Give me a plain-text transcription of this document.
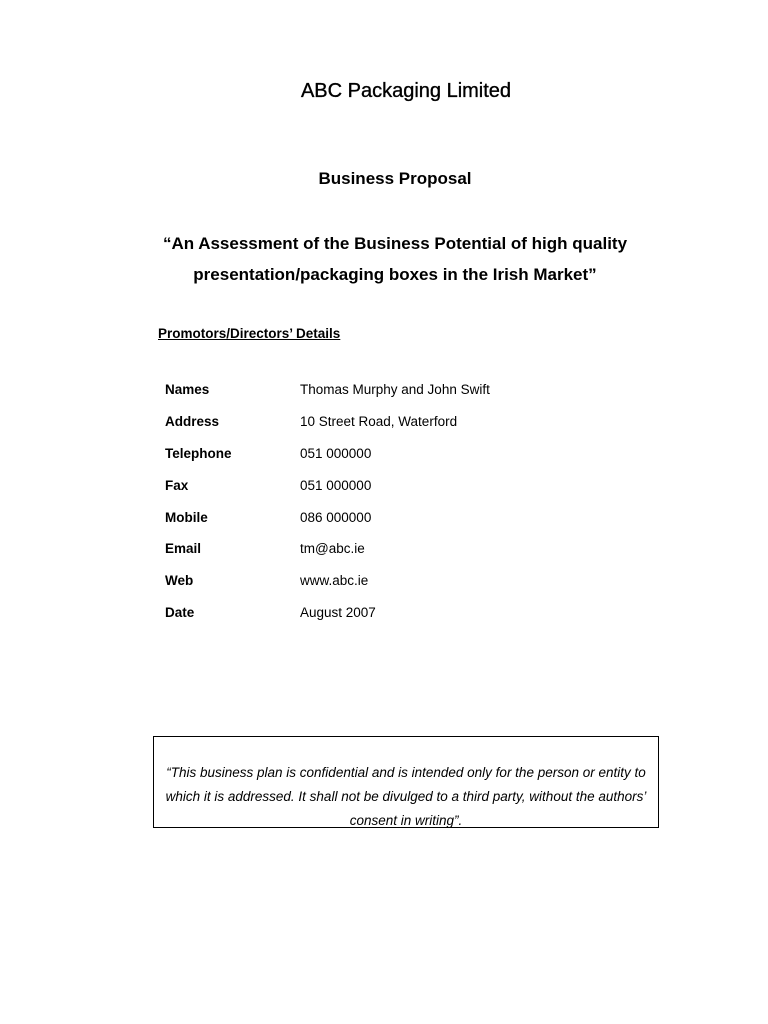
ABC Packaging Limited
Business Proposal
“An Assessment of the Business Potential of high quality
presentation/packaging boxes in the Irish Market”
Promotors/Directors’ Details
Names	Thomas Murphy and John Swift
Address	10 Street Road, Waterford
Telephone	051 000000
Fax	051 000000
Mobile	086 000000
Email	tm@abc.ie
Web	www.abc.ie
Date	August 2007
“This business plan is confidential and is intended only for the person or entity to which it is addressed. It shall not be divulged to a third party, without the authors’ consent in writing”.
